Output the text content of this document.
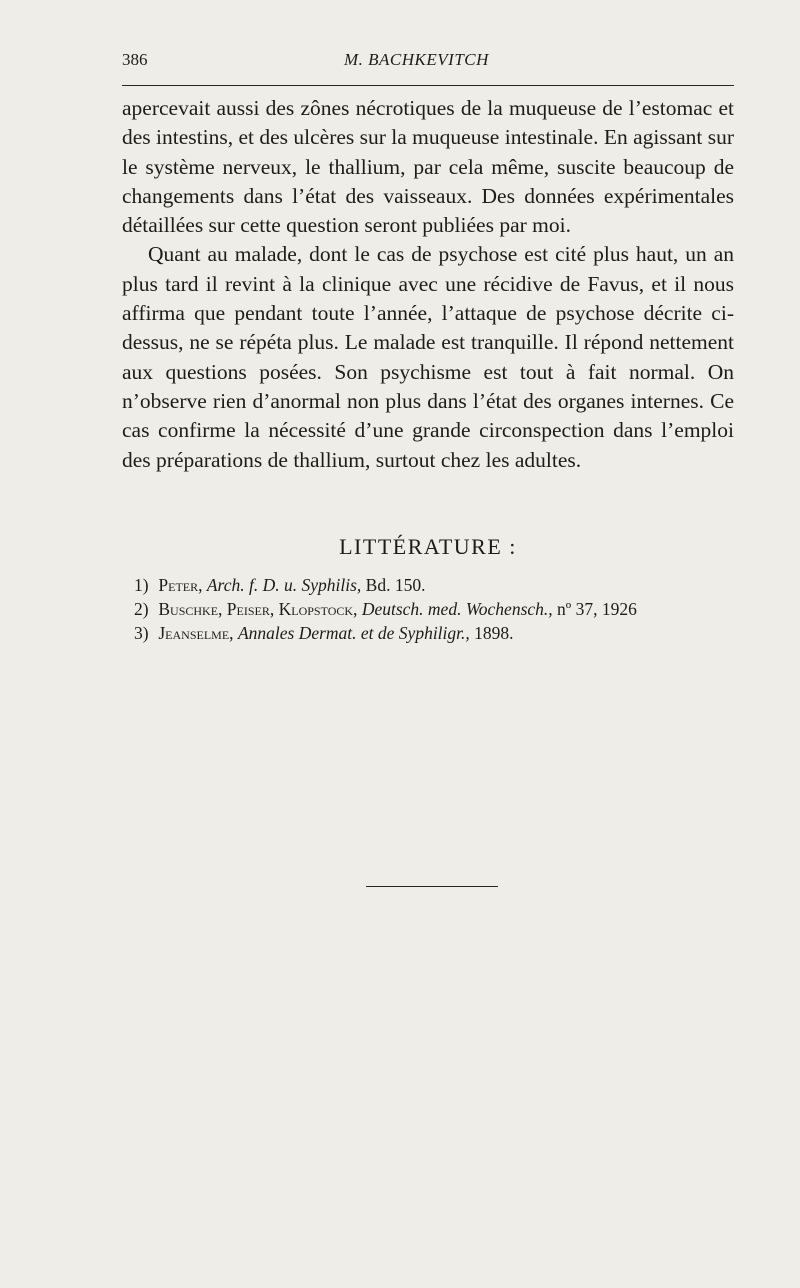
386	M. BACHKEVITCH

apercevait aussi des zônes nécrotiques de la muqueuse de l’estomac et des intestins, et des ulcères sur la muqueuse intestinale. En agissant sur le système nerveux, le thallium, par cela même, suscite beaucoup de changements dans l’état des vaisseaux. Des données expérimentales détaillées sur cette question seront publiées par moi.

Quant au malade, dont le cas de psychose est cité plus haut, un an plus tard il revint à la clinique avec une récidive de Favus, et il nous affirma que pendant toute l’année, l’attaque de psychose décrite ci-dessus, ne se répéta plus. Le malade est tranquille. Il répond nettement aux questions posées. Son psychisme est tout à fait normal. On n’observe rien d’anormal non plus dans l’état des organes internes. Ce cas confirme la nécessité d’une grande circonspection dans l’emploi des préparations de thallium, surtout chez les adultes.

LITTÉRATURE :
1) Peter, Arch. f. D. u. Syphilis, Bd. 150.
2) Buschke, Peiser, Klopstock, Deutsch. med. Wochensch., nº 37, 1926
3) Jeanselme, Annales Dermat. et de Syphiligr., 1898.
